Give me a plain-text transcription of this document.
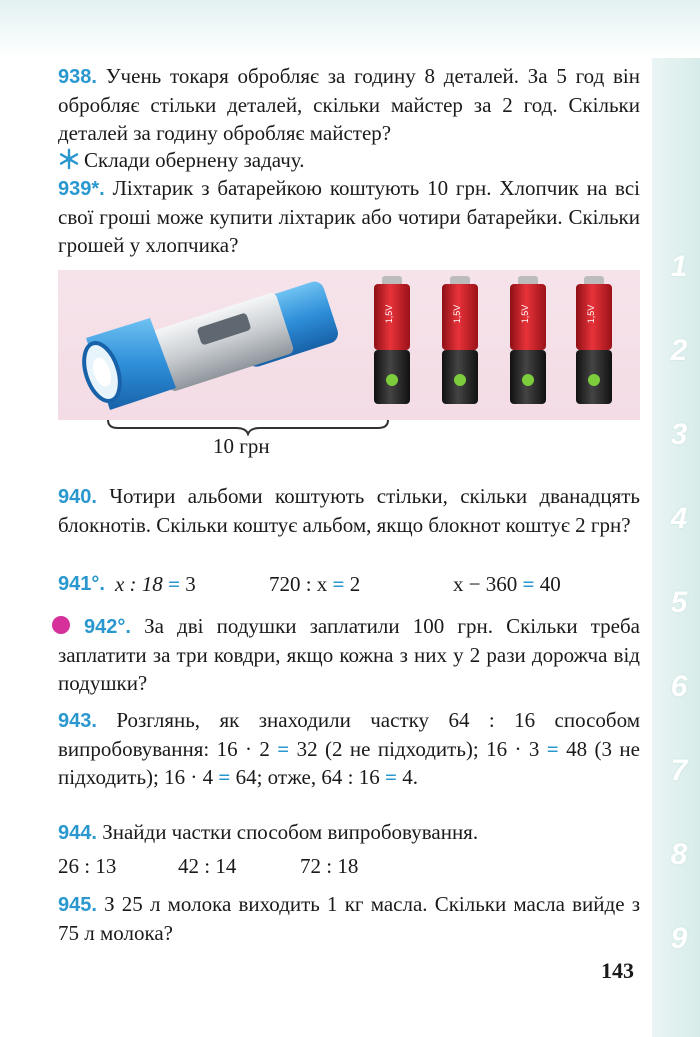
1
2
3
4
5
6
7
8
9
938. Учень токаря обробляє за годину 8 деталей. За 5 год він обробляє стільки деталей, скільки майстер за 2 год. Скільки деталей за годину обробляє майстер?
Склади обернену задачу.
939*. Ліхтарик з батарейкою коштують 10 грн. Хлопчик на всі свої гроші може купити ліхтарик або чотири батарейки. Скільки грошей у хлопчика?
1,5V	1,5V	1,5V	1,5V
10 грн
940. Чотири альбоми коштують стільки, скільки дванадцять блокнотів. Скільки коштує альбом, якщо блокнот коштує 2 грн?
941°. x : 18 = 3	720 : x = 2	x − 360 = 40
942°. За дві подушки заплатили 100 грн. Скільки треба заплатити за три ковдри, якщо кожна з них у 2 рази дорожча від подушки?
943. Розглянь, як знаходили частку 64 : 16 способом випробовування: 16 · 2 = 32 (2 не підходить); 16 · 3 = 48 (3 не підходить); 16 · 4 = 64; отже, 64 : 16 = 4.
944. Знайди частки способом випробовування.
26 : 13	42 : 14	72 : 18
945. З 25 л молока виходить 1 кг масла. Скільки масла вийде з 75 л молока?
143
